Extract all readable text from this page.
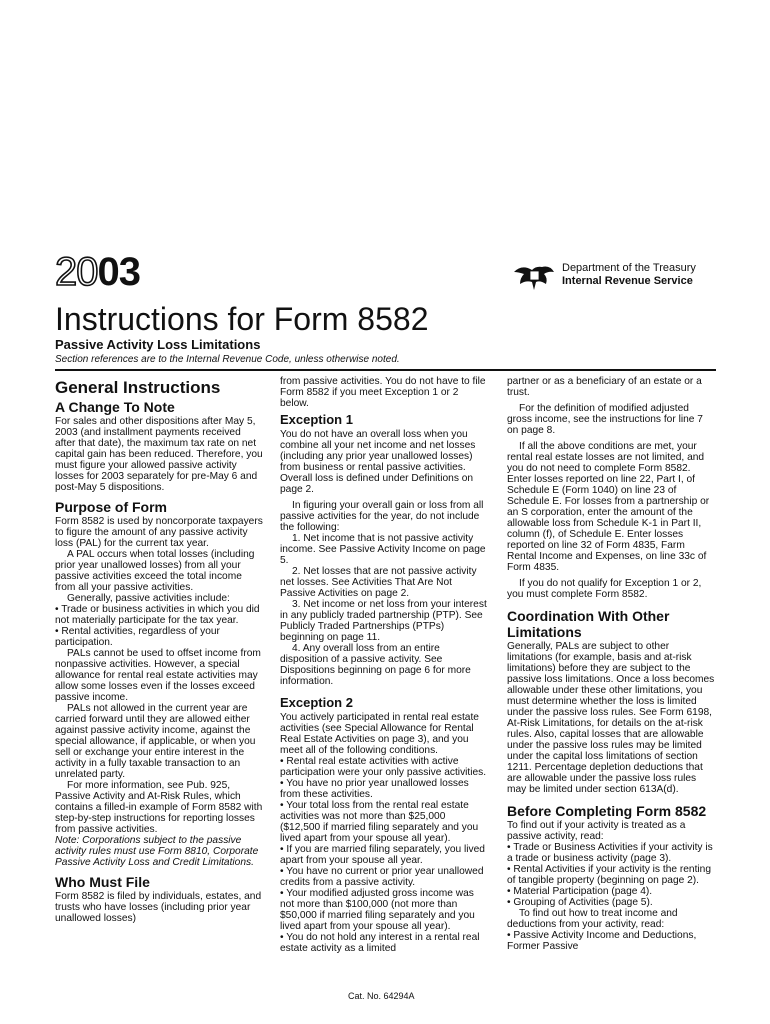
2003	Department of the Treasury
Internal Revenue Service
Instructions for Form 8582
Passive Activity Loss Limitations
Section references are to the Internal Revenue Code, unless otherwise noted.
General Instructions
A Change To Note

For sales and other dispositions after May 5, 2003 (and installment payments received after that date), the maximum tax rate on net capital gain has been reduced. Therefore, you must figure your allowed passive activity losses for 2003 separately for pre-May 6 and post-May 5 dispositions.

Purpose of Form

Form 8582 is used by noncorporate taxpayers to figure the amount of any passive activity loss (PAL) for the current tax year.

A PAL occurs when total losses (including prior year unallowed losses) from all your passive activities exceed the total income from all your passive activities.

Generally, passive activities include:

• Trade or business activities in which you did not materially participate for the tax year.

• Rental activities, regardless of your participation.

PALs cannot be used to offset income from nonpassive activities. However, a special allowance for rental real estate activities may allow some losses even if the losses exceed passive income.

PALs not allowed in the current year are carried forward until they are allowed either against passive activity income, against the special allowance, if applicable, or when you sell or exchange your entire interest in the activity in a fully taxable transaction to an unrelated party.

For more information, see Pub. 925, Passive Activity and At-Risk Rules, which contains a filled-in example of Form 8582 with step-by-step instructions for reporting losses from passive activities.

Note: Corporations subject to the passive activity rules must use Form 8810, Corporate Passive Activity Loss and Credit Limitations.

Who Must File

Form 8582 is filed by individuals, estates, and trusts who have losses (including prior year unallowed losses)

from passive activities. You do not have to file Form 8582 if you meet Exception 1 or 2 below.

Exception 1

You do not have an overall loss when you combine all your net income and net losses (including any prior year unallowed losses) from business or rental passive activities. Overall loss is defined under Definitions on page 2.

In figuring your overall gain or loss from all passive activities for the year, do not include the following:

1. Net income that is not passive activity income. See Passive Activity Income on page 5.

2. Net losses that are not passive activity net losses. See Activities That Are Not Passive Activities on page 2.

3. Net income or net loss from your interest in any publicly traded partnership (PTP). See Publicly Traded Partnerships (PTPs) beginning on page 11.

4. Any overall loss from an entire disposition of a passive activity. See Dispositions beginning on page 6 for more information.

Exception 2

You actively participated in rental real estate activities (see Special Allowance for Rental Real Estate Activities on page 3), and you meet all of the following conditions.

• Rental real estate activities with active participation were your only passive activities.

• You have no prior year unallowed losses from these activities.

• Your total loss from the rental real estate activities was not more than $25,000 ($12,500 if married filing separately and you lived apart from your spouse all year).

• If you are married filing separately, you lived apart from your spouse all year.

• You have no current or prior year unallowed credits from a passive activity.

• Your modified adjusted gross income was not more than $100,000 (not more than $50,000 if married filing separately and you lived apart from your spouse all year).

• You do not hold any interest in a rental real estate activity as a limited

partner or as a beneficiary of an estate or a trust.

For the definition of modified adjusted gross income, see the instructions for line 7 on page 8.

If all the above conditions are met, your rental real estate losses are not limited, and you do not need to complete Form 8582. Enter losses reported on line 22, Part I, of Schedule E (Form 1040) on line 23 of Schedule E. For losses from a partnership or an S corporation, enter the amount of the allowable loss from Schedule K-1 in Part II, column (f), of Schedule E. Enter losses reported on line 32 of Form 4835, Farm Rental Income and Expenses, on line 33c of Form 4835.

If you do not qualify for Exception 1 or 2, you must complete Form 8582.

Coordination With Other Limitations

Generally, PALs are subject to other limitations (for example, basis and at-risk limitations) before they are subject to the passive loss limitations. Once a loss becomes allowable under these other limitations, you must determine whether the loss is limited under the passive loss rules. See Form 6198, At-Risk Limitations, for details on the at-risk rules. Also, capital losses that are allowable under the passive loss rules may be limited under the capital loss limitations of section 1211. Percentage depletion deductions that are allowable under the passive loss rules may be limited under section 613A(d).

Before Completing Form 8582

To find out if your activity is treated as a passive activity, read:

• Trade or Business Activities if your activity is a trade or business activity (page 3).

• Rental Activities if your activity is the renting of tangible property (beginning on page 2).

• Material Participation (page 4).

• Grouping of Activities (page 5).

To find out how to treat income and deductions from your activity, read:

• Passive Activity Income and Deductions, Former Passive

Cat. No. 64294A
